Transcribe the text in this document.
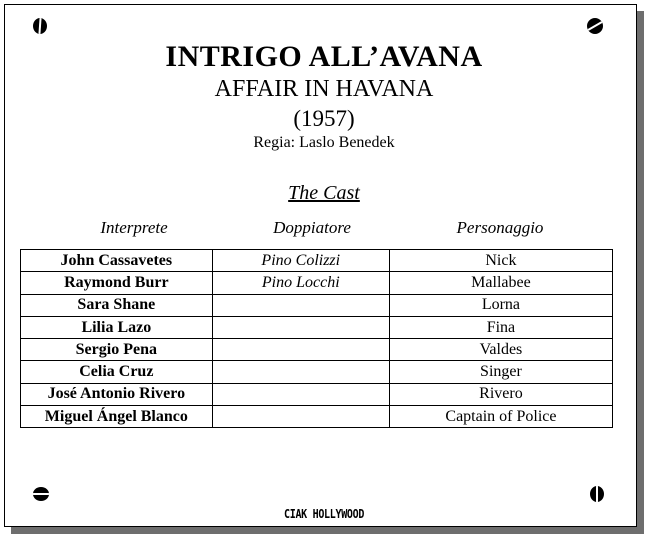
INTRIGO ALL’AVANA
AFFAIR IN HAVANA
(1957)
Regia: Laslo Benedek
The Cast
Interprete	Doppiatore	Personaggio
John Cassavetes	Pino Colizzi	Nick
Raymond Burr	Pino Locchi	Mallabee
Sara Shane		Lorna
Lilia Lazo		Fina
Sergio Pena		Valdes
Celia Cruz		Singer
José Antonio Rivero		Rivero
Miguel Ángel Blanco		Captain of Police
CIAK HOLLYWOOD
